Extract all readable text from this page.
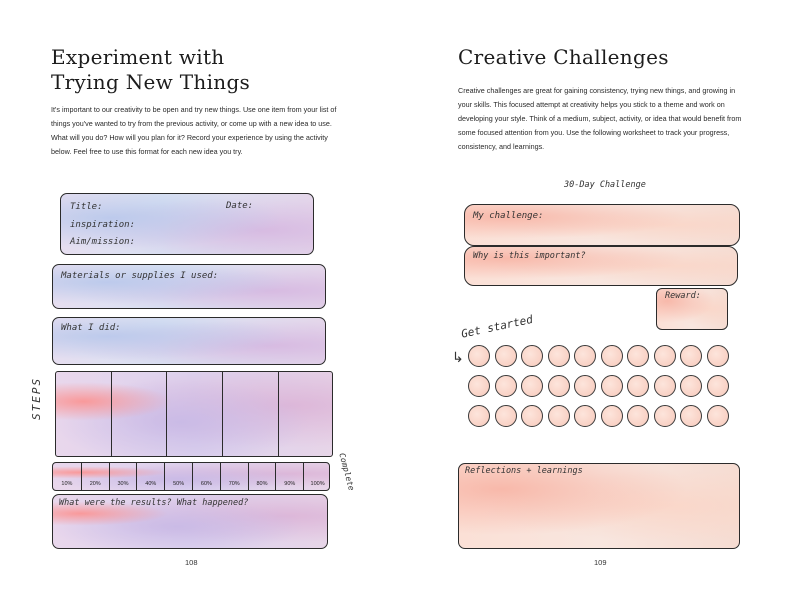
Experiment with
Trying New Things

It's important to our creativity to be open and try new things. Use one item from your list of things you've wanted to try from the previous activity, or come up with a new idea to use. What will you do? How will you plan for it? Record your experience by using the activity below. Feel free to use this format for each new idea you try.

Title:	Date:
inspiration:
Aim/mission:
Materials or supplies I used:
What I did:
STEPS
10%	20%	30%	40%	50%	60%	70%	80%	90%	100%	Complete
What were the results? What happened?
108
Creative Challenges

Creative challenges are great for gaining consistency, trying new things, and growing in your skills. This focused attempt at creativity helps you stick to a theme and work on developing your style. Think of a medium, subject, activity, or idea that would benefit from some focused attention from you. Use the following worksheet to track your progress, consistency, and learnings.

30-Day Challenge
My challenge:
Why is this important?
Reward:
Get started
↳
Reflections + learnings
109
